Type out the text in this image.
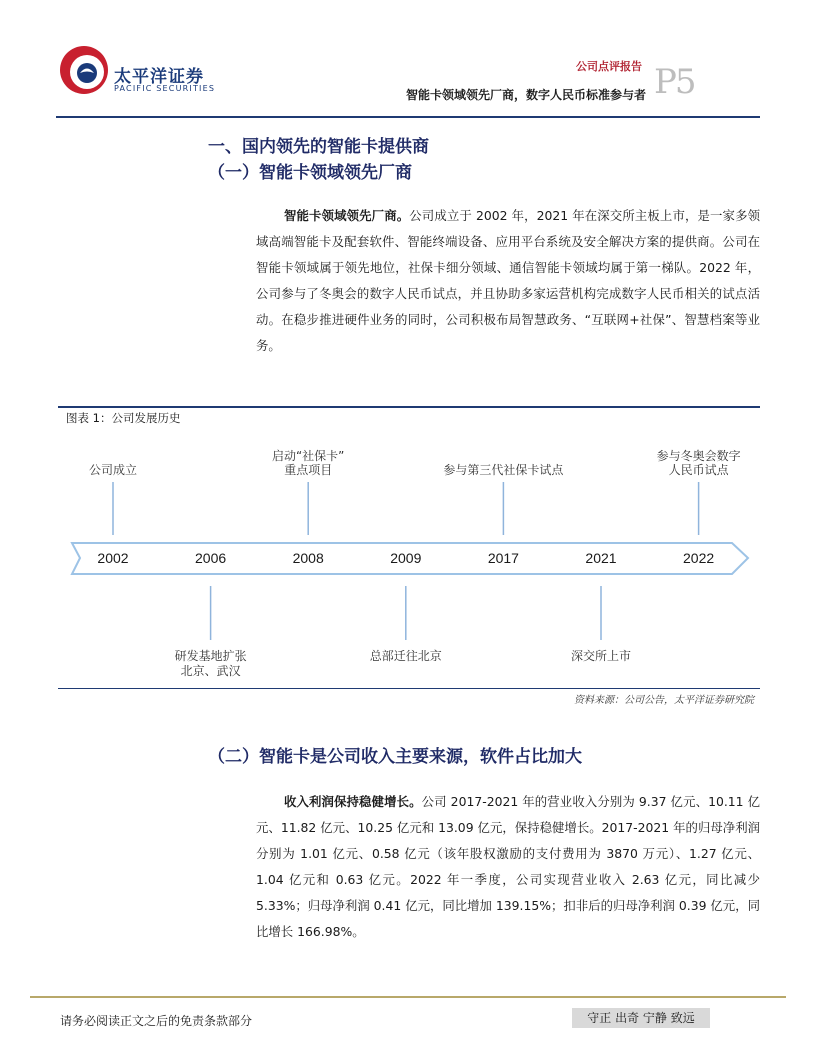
太平洋证券
PACIFIC SECURITIES
公司点评报告
智能卡领域领先厂商，数字人民币标准参与者 P5
一、国内领先的智能卡提供商
（一）智能卡领域领先厂商
智能卡领域领先厂商。公司成立于 2002 年，2021 年在深交所主板上市，是一家多领域高端智能卡及配套软件、智能终端设备、应用平台系统及安全解决方案的提供商。公司在智能卡领域属于领先地位，社保卡细分领域、通信智能卡领域均属于第一梯队。2022 年，公司参与了冬奥会的数字人民币试点，并且协助多家运营机构完成数字人民币相关的试点活动。在稳步推进硬件业务的同时，公司积极布局智慧政务、“互联网+社保”、智慧档案等业务。
图表 1：公司发展历史
2002	2006	2008	2009	2017	2021	2022
公司成立
启动“社保卡”
重点项目	参与第三代社保卡试点
参与冬奥会数字
人民币试点
研发基地扩张
北京、武汉
总部迁往北京	深交所上市
资料来源：公司公告，太平洋证券研究院
（二）智能卡是公司收入主要来源，软件占比加大
收入利润保持稳健增长。公司 2017-2021 年的营业收入分别为 9.37 亿元、10.11 亿元、11.82 亿元、10.25 亿元和 13.09 亿元，保持稳健增长。2017-2021 年的归母净利润分别为 1.01 亿元、0.58 亿元（该年股权激励的支付费用为 3870 万元）、1.27 亿元、1.04 亿元和 0.63 亿元。2022 年一季度，公司实现营业收入 2.63 亿元，同比减少 5.33%；归母净利润 0.41 亿元，同比增加 139.15%；扣非后的归母净利润 0.39 亿元，同比增长 166.98%。
请务必阅读正文之后的免责条款部分	守正 出奇 宁静 致远
